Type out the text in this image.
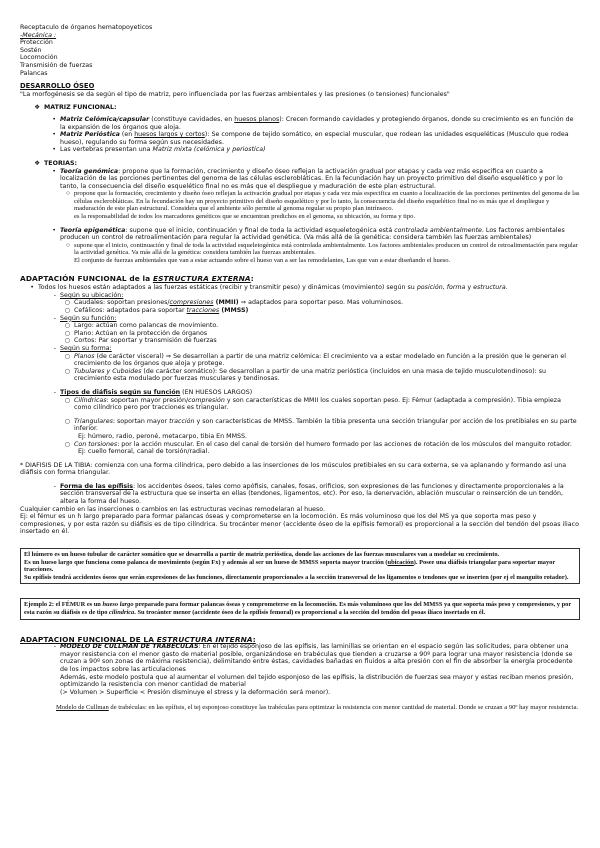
Receptaculo de órganos hematopoyeticos

-Mecánica :

Protección

Sostén

Locomoción

Transmisión de fuerzas

Palancas

DESARROLLO ÓSEO

"La morfogénesis se da según el tipo de matriz, pero influenciada por las fuerzas ambientales y las presiones (o tensiones) funcionales"

❖ MATRIZ FUNCIONAL:
• Matriz Celómica/capsular (constituye cavidades, en huesos planos): Crecen formando cavidades y protegiendo órganos, donde su crecimiento es en función de la expansión de los órganos que aloja.
• Matriz Perióstica (en huesos largos y cortos): Se compone de tejido somático, en especial muscular, que rodean las unidades esqueléticas (Musculo que rodea hueso), regulando su forma según sus necesidades.
• Las vertebras presentan una Matriz mixta (celómica y periostica)
❖ TEORIAS:
• Teoría genómica: propone que la formación, crecimiento y diseño óseo reflejan la activación gradual por etapas y cada vez más especifica en cuanto a localización de las porciones pertinentes del genoma de las células esclerobláticas. En la fecundación hay un proyecto primitivo del diseño esquelético y por lo tanto, la consecuencia del diseño esquelético final no es más que el despliegue y maduración de este plan estructural.
○ propone que la formación, crecimiento y diseño óseo reflejan la activación gradual por etapas y cada vez más especifica en cuanto a localización de las porciones pertinentes del genoma de las células esclerobláticas. En la fecundación hay un proyecto primitivo del diseño esquelético y por lo tanto, la consecuencia del diseño esquelético final no es más que el despliegue y maduración de este plan estructural. Considera que el ambiente sólo permite al genoma regular su propio plan intrínseco.
es la responsabilidad de todos los marcadores genéticos que se encuentran predichos en el genoma, su ubicación, su forma y tipo.
• Teoría epigenética: supone que el inicio, continuación y final de toda la actividad esqueletogénica está controlada ambientalmente. Los factores ambientales producen un control de retroalimentación para regular la actividad genética. (Va más allá de la genética: considera también las fuerzas ambientales)
○ supone que el inicio, continuación y final de toda la actividad esqueletogénica está controlada ambientalmente. Los factores ambientales producen un control de retroalimentación para regular la actividad genética. Va más allá de la genética: considera también las fuerzas ambientales.
El conjunto de fuerzas ambientales que van a estar actuando sobre el hueso van a ser las remodelantes, Las que van a estar diseñando el hueso.

ADAPTACIÓN FUNCIONAL de la ESTRUCTURA EXTERNA:

• Todos los huesos están adaptados a las fuerzas estáticas (recibir y transmitir peso) y dinámicas (movimiento) según su posición, forma y estructura.
- Según su ubicación:
○ Caudales: soportan presiones/compresiones (MMII) ⇒ adaptados para soportar peso. Mas voluminosos.
○ Cefálicos: adaptados para soportar tracciones (MMSS)
- Según su función:
○ Largo: actúan como palancas de movimiento.
○ Plano: Actúan en la protección de órganos
○ Cortos: Par soportar y transmisión de fuerzas
- Según su forma:
○ Planos (de carácter visceral) ⇒ Se desarrollan a partir de una matriz celómica: El crecimiento va a estar modelado en función a la presión que le generan el crecimiento de los órganos que aloja y protege.
○ Tubulares y Cuboides (de carácter somático): Se desarrollan a partir de una matriz perióstica (incluidos en una masa de tejido musculotendinoso): su crecimiento esta modulado por fuerzas musculares y tendinosas.
- Tipos de diáfisis según su función (EN HUESOS LARGOS)
○ Cilíndricas: soportan mayor presión/compresión y son características de MMII los cuales soportan peso. Ej: Fémur (adaptada a compresión). Tibia empieza como cilíndrico pero por tracciones es triangular.
○ Triangulares: soportan mayor tracción y son características de MMSS. También la tibia presenta una sección triangular por acción de los pretibiales en su parte inferior.
Ej: húmero, radio, peroné, metacarpo, tibia En MMSS.
○ Con torsiones: por la acción muscular. En el caso del canal de torsión del humero formado por las acciones de rotación de los músculos del manguito rotador.
Ej: cuello femoral, canal de torsión/radial.

* DIAFISIS DE LA TIBIA: comienza con una forma cilíndrica, pero debido a las inserciones de los músculos pretibiales en su cara externa, se va aplanando y formando así una diáfisis con forma triangular.

- Forma de las epífisis: los accidentes óseos, tales como apófisis, canales, fosas, orificios, son expresiones de las funciones y directamente proporcionales a la sección transversal de la estructura que se inserta en ellas (tendones, ligamentos, etc). Por eso, la denervación, ablación muscular o reinserción de un tendón, altera la forma del hueso.

Cualquier cambio en las inserciones o cambios en las estructuras vecinas remodelaran al hueso.

Ej: el fémur es un h largo preparado para formar palancas óseas y comprometerse en la locomoción. Es más voluminoso que los del MS ya que soporta mas peso y compresiones, y por esta razón su diáfisis es de tipo cilíndrica. Su trocánter menor (accidente óseo de la epífisis femoral) es proporcional a la sección del tendón del psoas iliaco insertado en él.

El húmero es un hueso tubular de carácter somático que se desarrolla a partir de matriz perióstica, donde las acciones de las fuerzas musculares van a modelar su crecimiento.

Es un hueso largo que funciona como palanca de movimiento (según Fx) y además al ser un hueso de MMSS soporta mayor tracción (ubicación). Posee una diáfisis triangular para soportar mayor tracciones.

Su epífisis tendrá accidentes óseos que serán expresiones de las funciones, directamente proporcionales a la sección transversal de los ligamentos o tendones que se inserten (por ej el manguito rotador).

Ejemplo 2: el FÉMUR es un hueso largo preparado para formar palancas óseas y comprometerse en la locomoción. Es más voluminoso que los del MMSS ya que soporta más peso y compresiones, y por esta razón su diáfisis es de tipo cilíndrica. Su trocánter menor (accidente óseo de la epífisis femoral) es proporcional a la sección del tendón del psoas ilíaco insertado en él.

ADAPTACION FUNCIONAL DE LA ESTRUCTURA INTERNA:

- MODELO DE CULLMAN DE TRABÉCULAS: En el tejido esponjoso de las epífisis, las laminillas se orientan en el espacio según las solicitudes, para obtener una mayor resistencia con el menor gasto de material posible, organizándose en trabéculas que tienden a cruzarse a 90º para lograr una mayor resistencia (donde se cruzan a 90º son zonas de máxima resistencia), delimitando entre éstas, cavidades bañadas en fluidos a alta presión con el fin de absorber la energía procedente de los impactos sobre las articulaciones
Además, este modelo postula que al aumentar el volumen del tejido esponjoso de las epífisis, la distribución de fuerzas sea mayor y estas reciban menos presión, optimizando la resistencia con menor cantidad de material
(> Volumen > Superficie < Presión disminuye el stress y la deformación será menor).

Modelo de Cullman de trabéculas: en las epífisis, el tej esponjoso constituye las trabéculas para optimizar la resistencia con menor cantidad de material. Donde se cruzan a 90º hay mayor resistencia.
